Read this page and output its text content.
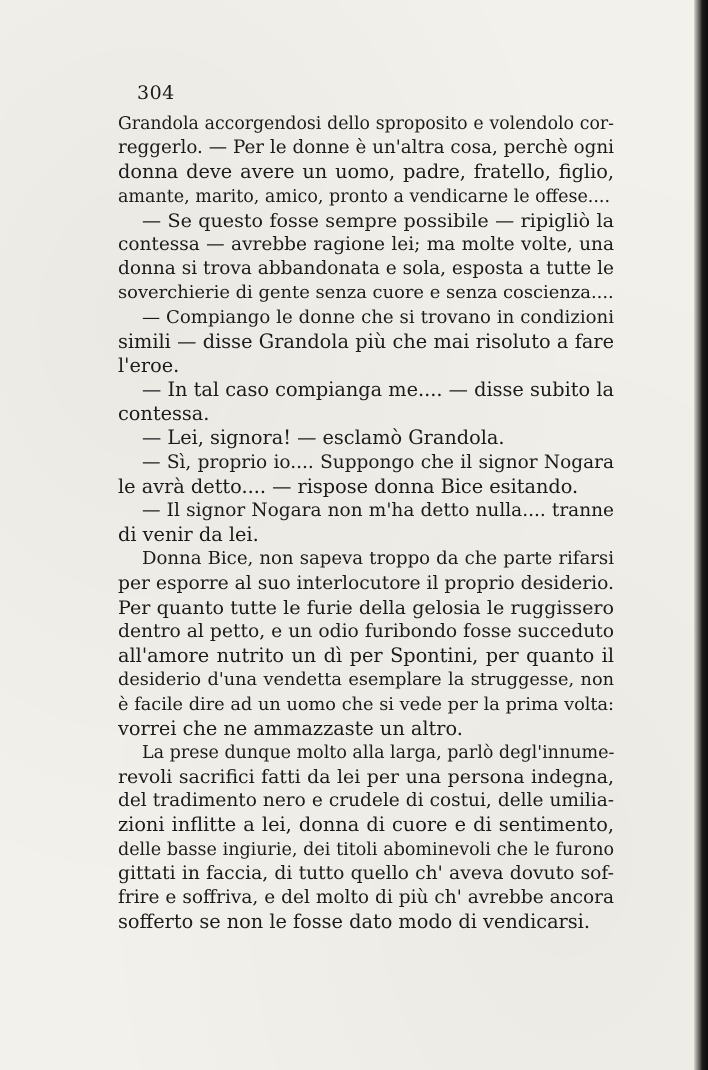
304
Grandola accorgendosi dello sproposito e volendolo cor-
reggerlo. — Per le donne è un'altra cosa, perchè ogni
donna deve avere un uomo, padre, fratello, figlio,
amante, marito, amico, pronto a vendicarne le offese....
— Se questo fosse sempre possibile — ripigliò la
contessa — avrebbe ragione lei; ma molte volte, una
donna si trova abbandonata e sola, esposta a tutte le
soverchierie di gente senza cuore e senza coscienza....
— Compiango le donne che si trovano in condizioni
simili — disse Grandola più che mai risoluto a fare
l'eroe.
— In tal caso compianga me.... — disse subito la
contessa.
— Lei, signora! — esclamò Grandola.
— Sì, proprio io.... Suppongo che il signor Nogara
le avrà detto.... — rispose donna Bice esitando.
— Il signor Nogara non m'ha detto nulla.... tranne
di venir da lei.
Donna Bice, non sapeva troppo da che parte rifarsi
per esporre al suo interlocutore il proprio desiderio.
Per quanto tutte le furie della gelosia le ruggissero
dentro al petto, e un odio furibondo fosse succeduto
all'amore nutrito un dì per Spontini, per quanto il
desiderio d'una vendetta esemplare la struggesse, non
è facile dire ad un uomo che si vede per la prima volta:
vorrei che ne ammazzaste un altro.
La prese dunque molto alla larga, parlò degl'innume-
revoli sacrifici fatti da lei per una persona indegna,
del tradimento nero e crudele di costui, delle umilia-
zioni inflitte a lei, donna di cuore e di sentimento,
delle basse ingiurie, dei titoli abominevoli che le furono
gittati in faccia, di tutto quello ch' aveva dovuto sof-
frire e soffriva, e del molto di più ch' avrebbe ancora
sofferto se non le fosse dato modo di vendicarsi.
